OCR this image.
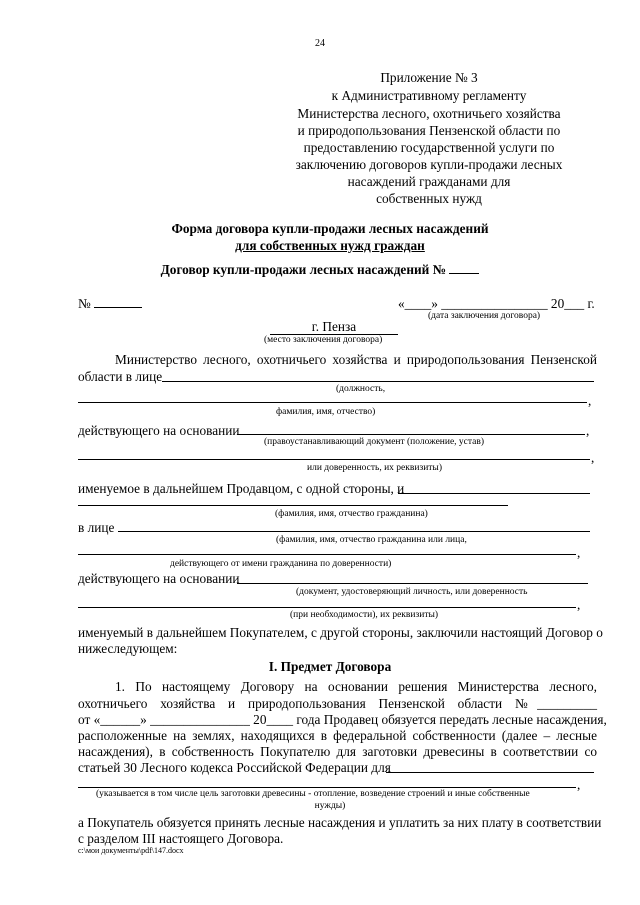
24
Приложение № 3
к Административному регламенту
Министерства лесного, охотничьего хозяйства
и природопользования Пензенской области по
предоставлению государственной услуги по
заключению договоров купли-продажи лесных
насаждений гражданами для
собственных нужд
Форма договора купли-продажи лесных насаждений
для собственных нужд граждан
Договор купли-продажи лесных насаждений №
№	«____» ________________ 20___ г.
(дата заключения договора)
г. Пенза
(место заключения договора)
Министерство лесного, охотничьего хозяйства и природопользования Пензенской
области в лице
(должность,
,
фамилия, имя, отчество)
действующего на основании	,
(правоустанавливающий документ (положение, устав)
,
или доверенность, их реквизиты)
именуемое в дальнейшем Продавцом, с одной стороны, и
(фамилия, имя, отчество гражданина)
в лице
(фамилия, имя, отчество гражданина или лица,
,
действующего от имени гражданина по доверенности)
действующего на основании
(документ, удостоверяющий личность, или доверенность
,
(при необходимости), их реквизиты)
именуемый в дальнейшем Покупателем, с другой стороны, заключили настоящий Договор о
нижеследующем:
I. Предмет Договора
1. По настоящему Договору на основании решения Министерства лесного,
охотничьего хозяйства и природопользования Пензенской области №_________
от «______» _______________ 20____ года Продавец обязуется передать лесные насаждения,
расположенные на землях, находящихся в федеральной собственности (далее – лесные
насаждения), в собственность Покупателю для заготовки древесины в соответствии со
статьей 30 Лесного кодекса Российской Федерации для
,
(указывается в том числе цель заготовки древесины - отопление, возведение строений и иные собственные
нужды)
а Покупатель обязуется принять лесные насаждения и уплатить за них плату в соответствии
с разделом III настоящего Договора.
c:\мои документы\pdf\147.docx
